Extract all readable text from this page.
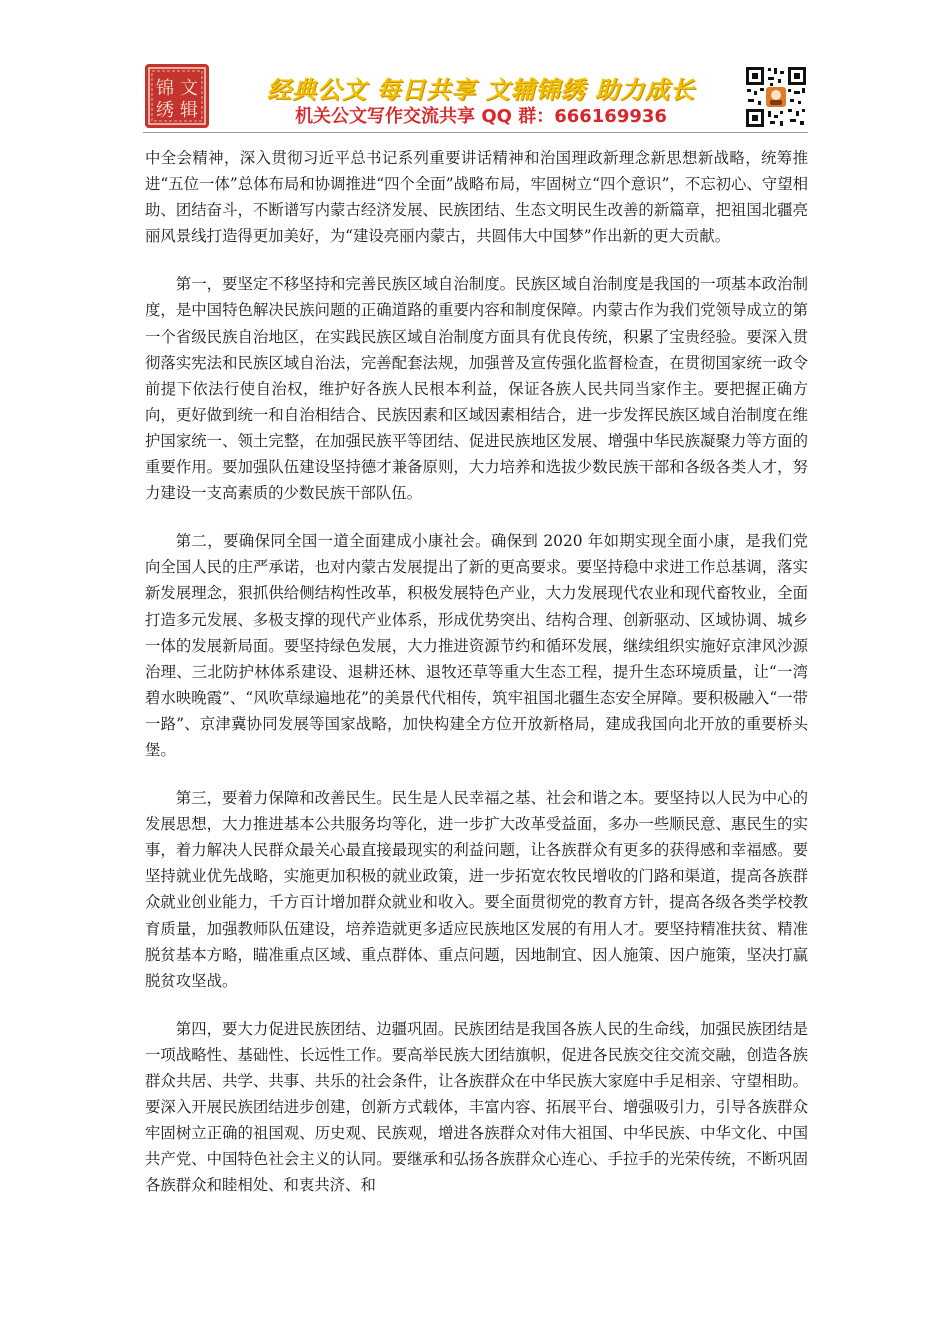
锦 文
绣 辑
经典公文 每日共享 文辅锦绣 助力成长
机关公文写作交流共享 QQ 群：666169936

中全会精神，深入贯彻习近平总书记系列重要讲话精神和治国理政新理念新思想新战略，统筹推进“五位一体”总体布局和协调推进“四个全面”战略布局，牢固树立“四个意识”，不忘初心、守望相助、团结奋斗，不断谱写内蒙古经济发展、民族团结、生态文明民生改善的新篇章，把祖国北疆亮丽风景线打造得更加美好，为“建设亮丽内蒙古，共圆伟大中国梦”作出新的更大贡献。

第一，要坚定不移坚持和完善民族区域自治制度。民族区域自治制度是我国的一项基本政治制度，是中国特色解决民族问题的正确道路的重要内容和制度保障。内蒙古作为我们党领导成立的第一个省级民族自治地区，在实践民族区域自治制度方面具有优良传统，积累了宝贵经验。要深入贯彻落实宪法和民族区域自治法，完善配套法规，加强普及宣传强化监督检查，在贯彻国家统一政令前提下依法行使自治权，维护好各族人民根本利益，保证各族人民共同当家作主。要把握正确方向，更好做到统一和自治相结合、民族因素和区域因素相结合，进一步发挥民族区域自治制度在维护国家统一、领土完整，在加强民族平等团结、促进民族地区发展、增强中华民族凝聚力等方面的重要作用。要加强队伍建设坚持德才兼备原则，大力培养和选拔少数民族干部和各级各类人才，努力建设一支高素质的少数民族干部队伍。

第二，要确保同全国一道全面建成小康社会。确保到 2020 年如期实现全面小康，是我们党向全国人民的庄严承诺，也对内蒙古发展提出了新的更高要求。要坚持稳中求进工作总基调，落实新发展理念，狠抓供给侧结构性改革，积极发展特色产业，大力发展现代农业和现代畜牧业，全面打造多元发展、多极支撑的现代产业体系，形成优势突出、结构合理、创新驱动、区域协调、城乡一体的发展新局面。要坚持绿色发展，大力推进资源节约和循环发展，继续组织实施好京津风沙源治理、三北防护林体系建设、退耕还林、退牧还草等重大生态工程，提升生态环境质量，让“一湾碧水映晚霞”、“风吹草绿遍地花”的美景代代相传，筑牢祖国北疆生态安全屏障。要积极融入“一带一路”、京津冀协同发展等国家战略，加快构建全方位开放新格局，建成我国向北开放的重要桥头堡。

第三，要着力保障和改善民生。民生是人民幸福之基、社会和谐之本。要坚持以人民为中心的发展思想，大力推进基本公共服务均等化，进一步扩大改革受益面，多办一些顺民意、惠民生的实事，着力解决人民群众最关心最直接最现实的利益问题，让各族群众有更多的获得感和幸福感。要坚持就业优先战略，实施更加积极的就业政策，进一步拓宽农牧民增收的门路和渠道，提高各族群众就业创业能力，千方百计增加群众就业和收入。要全面贯彻党的教育方针，提高各级各类学校教育质量，加强教师队伍建设，培养造就更多适应民族地区发展的有用人才。要坚持精准扶贫、精准脱贫基本方略，瞄准重点区域、重点群体、重点问题，因地制宜、因人施策、因户施策，坚决打赢脱贫攻坚战。

第四，要大力促进民族团结、边疆巩固。民族团结是我国各族人民的生命线，加强民族团结是一项战略性、基础性、长远性工作。要高举民族大团结旗帜，促进各民族交往交流交融，创造各族群众共居、共学、共事、共乐的社会条件，让各族群众在中华民族大家庭中手足相亲、守望相助。要深入开展民族团结进步创建，创新方式载体，丰富内容、拓展平台、增强吸引力，引导各族群众牢固树立正确的祖国观、历史观、民族观，增进各族群众对伟大祖国、中华民族、中华文化、中国共产党、中国特色社会主义的认同。要继承和弘扬各族群众心连心、手拉手的光荣传统，不断巩固各族群众和睦相处、和衷共济、和
